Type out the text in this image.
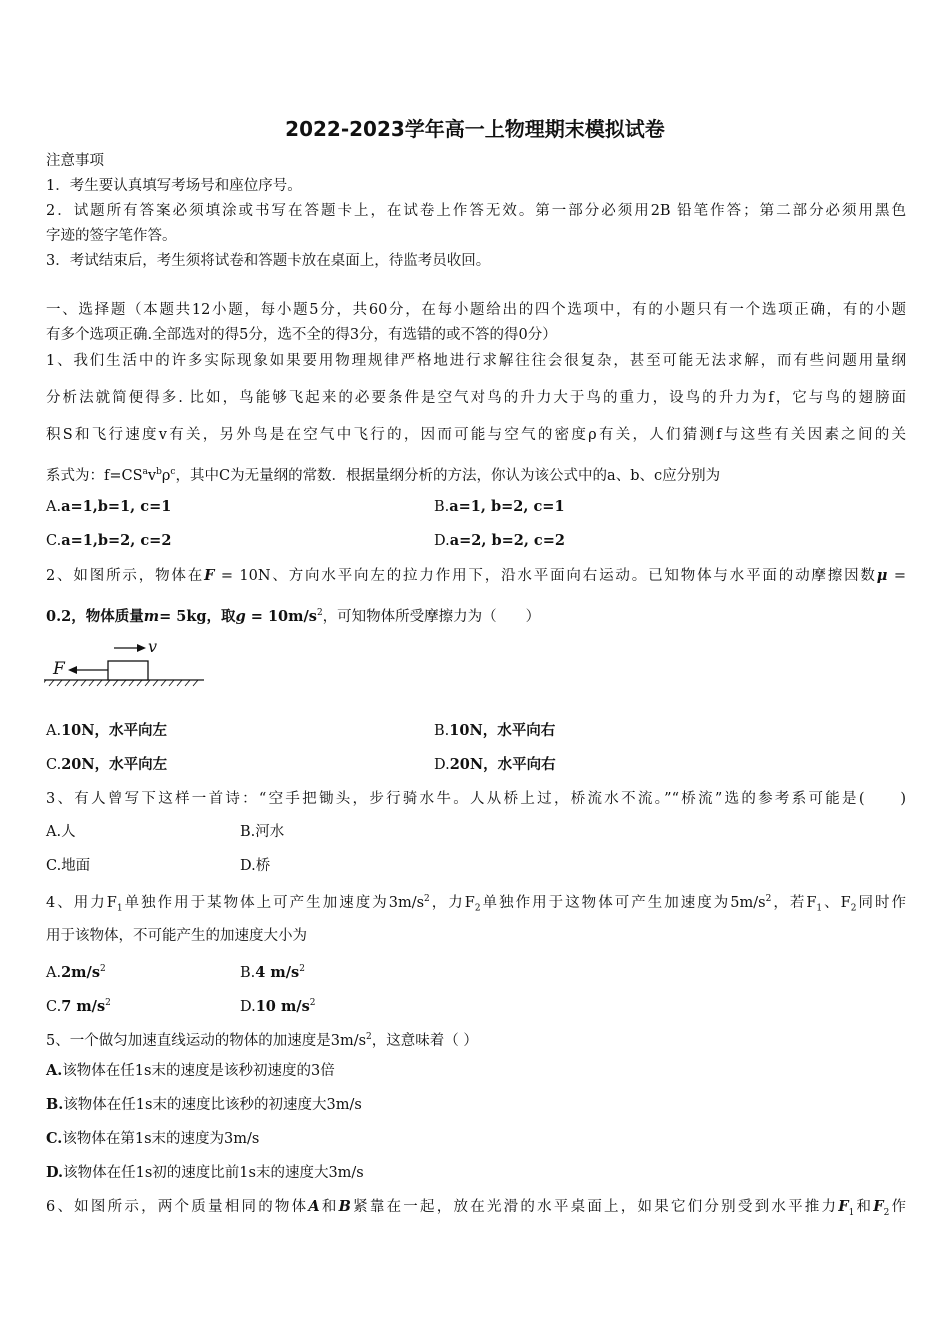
2022-2023学年高一上物理期末模拟试卷
注意事项
1．考生要认真填写考场号和座位序号。
2．试题所有答案必须填涂或书写在答题卡上，在试卷上作答无效。第一部分必须用2B 铅笔作答；第二部分必须用黑色
字迹的签字笔作答。
3．考试结束后，考生须将试卷和答题卡放在桌面上，待监考员收回。
一、选择题（本题共12小题，每小题5分，共60分，在每小题给出的四个选项中，有的小题只有一个选项正确，有的小题
有多个选项正确.全部选对的得5分，选不全的得3分，有选错的或不答的得0分）
1、我们生活中的许多实际现象如果要用物理规律严格地进行求解往往会很复杂，甚至可能无法求解，而有些问题用量纲
分析法就简便得多. 比如，鸟能够飞起来的必要条件是空气对鸟的升力大于鸟的重力，设鸟的升力为f，它与鸟的翅膀面
积S和飞行速度v有关，另外鸟是在空气中飞行的，因而可能与空气的密度ρ有关，人们猜测f与这些有关因素之间的关
系式为：$f=CS^av^b\rho^c$，其中C为无量纲的常数．根据量纲分析的方法，你认为该公式中的a、b、c应分别为
A.a=1,b=1, c=1	B.a=1, b=2, c=1
C.a=1,b=2, c=2	D.a=2, b=2, c=2
2、如图所示，物体在F = 10N、方向水平向左的拉力作用下，沿水平面向右运动。已知物体与水平面的动摩擦因数μ =
0.2，物体质量m= 5kg，取$g = 10m/s^2$，可知物体所受摩擦力为（　　）
F
v
A.10N，水平向左	B.10N，水平向右
C.20N，水平向左	D.20N，水平向右
3、有人曾写下这样一首诗：“空手把锄头，步行骑水牛。人从桥上过，桥流水不流。”“桥流”选的参考系可能是(　　)
A.人	B.河水
C.地面	D.桥
4、用力$F_1$单独作用于某物体上可产生加速度为$3m/s^2$，力$F_2$单独作用于这物体可产生加速度为$5m/s^2$，若$F_1$、$F_2$同时作
用于该物体，不可能产生的加速度大小为
$A.2m/s^2$	B.4 $m/s^2$
C.7 $m/s^2$	D.10 $m/s^2$
5、一个做匀加速直线运动的物体的加速度是$3m/s^2$，这意味着（ ）
A.该物体在任1s末的速度是该秒初速度的3倍
B.该物体在任1s末的速度比该秒的初速度大3m/s
C.该物体在第1s末的速度为3m/s
D.该物体在任1s初的速度比前1s末的速度大3m/s
6、如图所示，两个质量相同的物体A和B紧靠在一起，放在光滑的水平桌面上，如果它们分别受到水平推力$F_1$和$F_2$作
